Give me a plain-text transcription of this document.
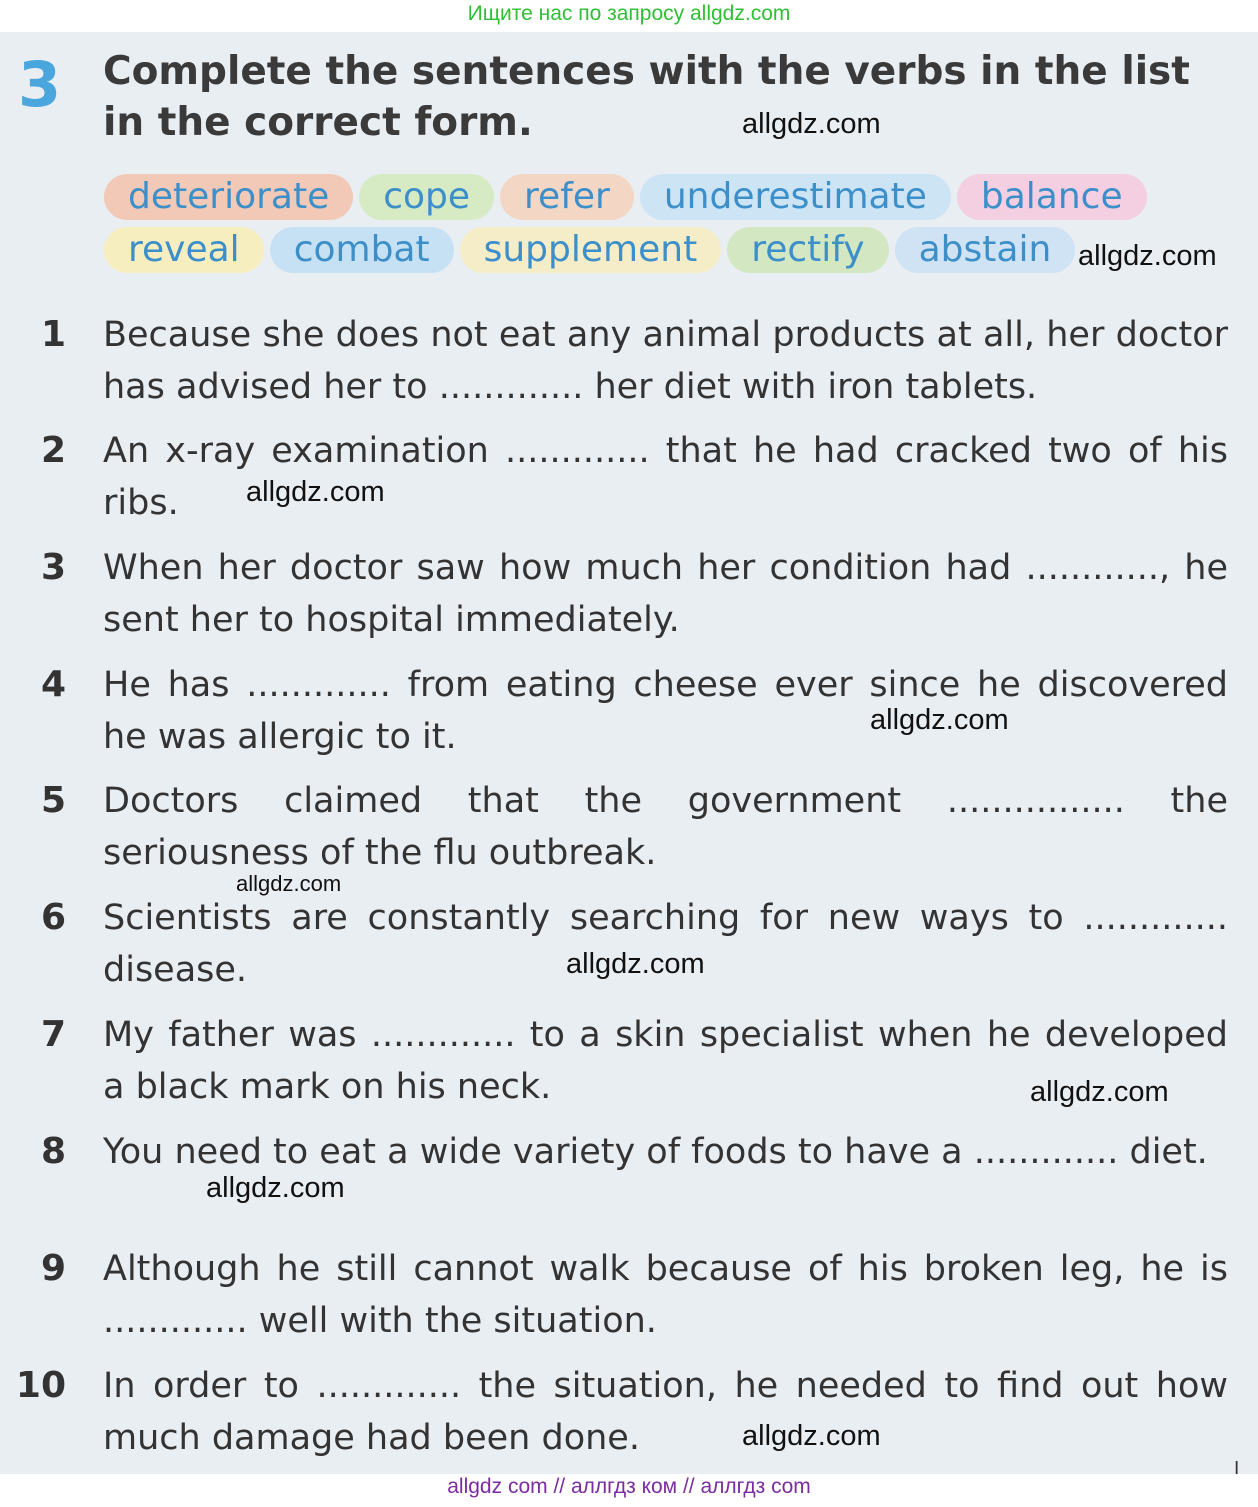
Ищите нас по запросу allgdz.com
3 Complete the sentences with the verbs in the list in the correct form.
deteriorate	cope	refer	underestimate	balance
reveal	combat	supplement	rectify	abstain
1 Because she does not eat any animal products at all, her doctor has advised her to ............. her diet with iron tablets.
2 An x-ray examination ............. that he had cracked two of his ribs.
3 When her doctor saw how much her condition had ............, he sent her to hospital immediately.
4 He has ............. from eating cheese ever since he discovered he was allergic to it.
5 Doctors claimed that the government ................ the seriousness of the flu outbreak.
6 Scientists are constantly searching for new ways to ............. disease.
7 My father was ............. to a skin specialist when he developed a black mark on his neck.
8 You need to eat a wide variety of foods to have a ............. diet.
9 Although he still cannot walk because of his broken leg, he is ............. well with the situation.
10 In order to ............. the situation, he needed to find out how much damage had been done.
allgdz.com
allgdz.com
allgdz.com
allgdz.com
allgdz.com
allgdz.com
allgdz.com
allgdz.com
allgdz.com
I
allgdz com // аллгдз ком // аллгдз com
